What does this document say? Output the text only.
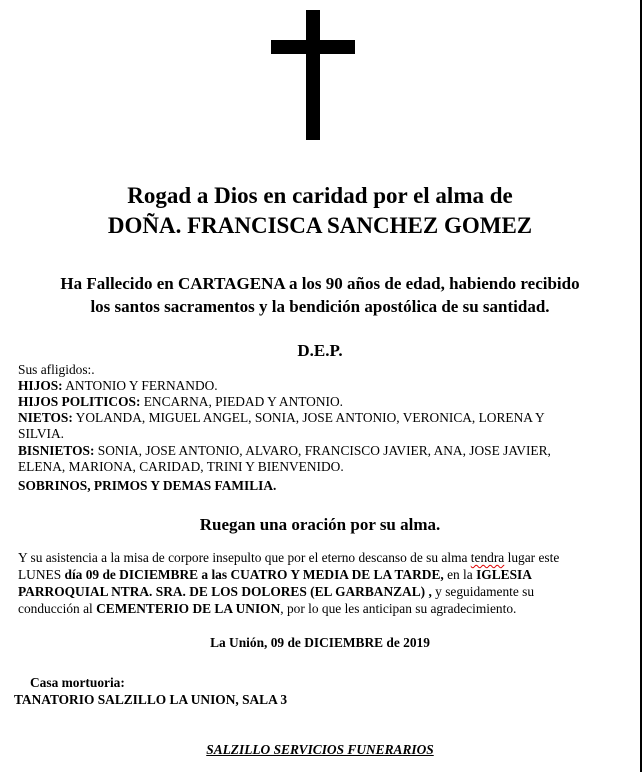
Rogad a Dios en caridad por el alma de
DOÑA. FRANCISCA SANCHEZ GOMEZ
Ha Fallecido en CARTAGENA a los 90 años de edad, habiendo recibido
los santos sacramentos y la bendición apostólica de su santidad.
D.E.P.
Sus afligidos:.
HIJOS: ANTONIO Y FERNANDO.
HIJOS POLITICOS: ENCARNA, PIEDAD Y ANTONIO.
NIETOS: YOLANDA, MIGUEL ANGEL, SONIA, JOSE ANTONIO, VERONICA, LORENA Y
SILVIA.
BISNIETOS: SONIA, JOSE ANTONIO, ALVARO, FRANCISCO JAVIER, ANA, JOSE JAVIER,
ELENA, MARIONA, CARIDAD, TRINI Y BIENVENIDO.
SOBRINOS, PRIMOS Y DEMAS FAMILIA.
Ruegan una oración por su alma.
Y su asistencia a la misa de corpore insepulto que por el eterno descanso de su alma tendra lugar este
LUNES día 09 de DICIEMBRE a las CUATRO Y MEDIA DE LA TARDE, en la IGLESIA
PARROQUIAL NTRA. SRA. DE LOS DOLORES (EL GARBANZAL) , y seguidamente su
conducción al CEMENTERIO DE LA UNION, por lo que les anticipan su agradecimiento.
La Unión, 09 de DICIEMBRE de 2019
Casa mortuoria:
TANATORIO SALZILLO LA UNION, SALA 3
SALZILLO SERVICIOS FUNERARIOS
